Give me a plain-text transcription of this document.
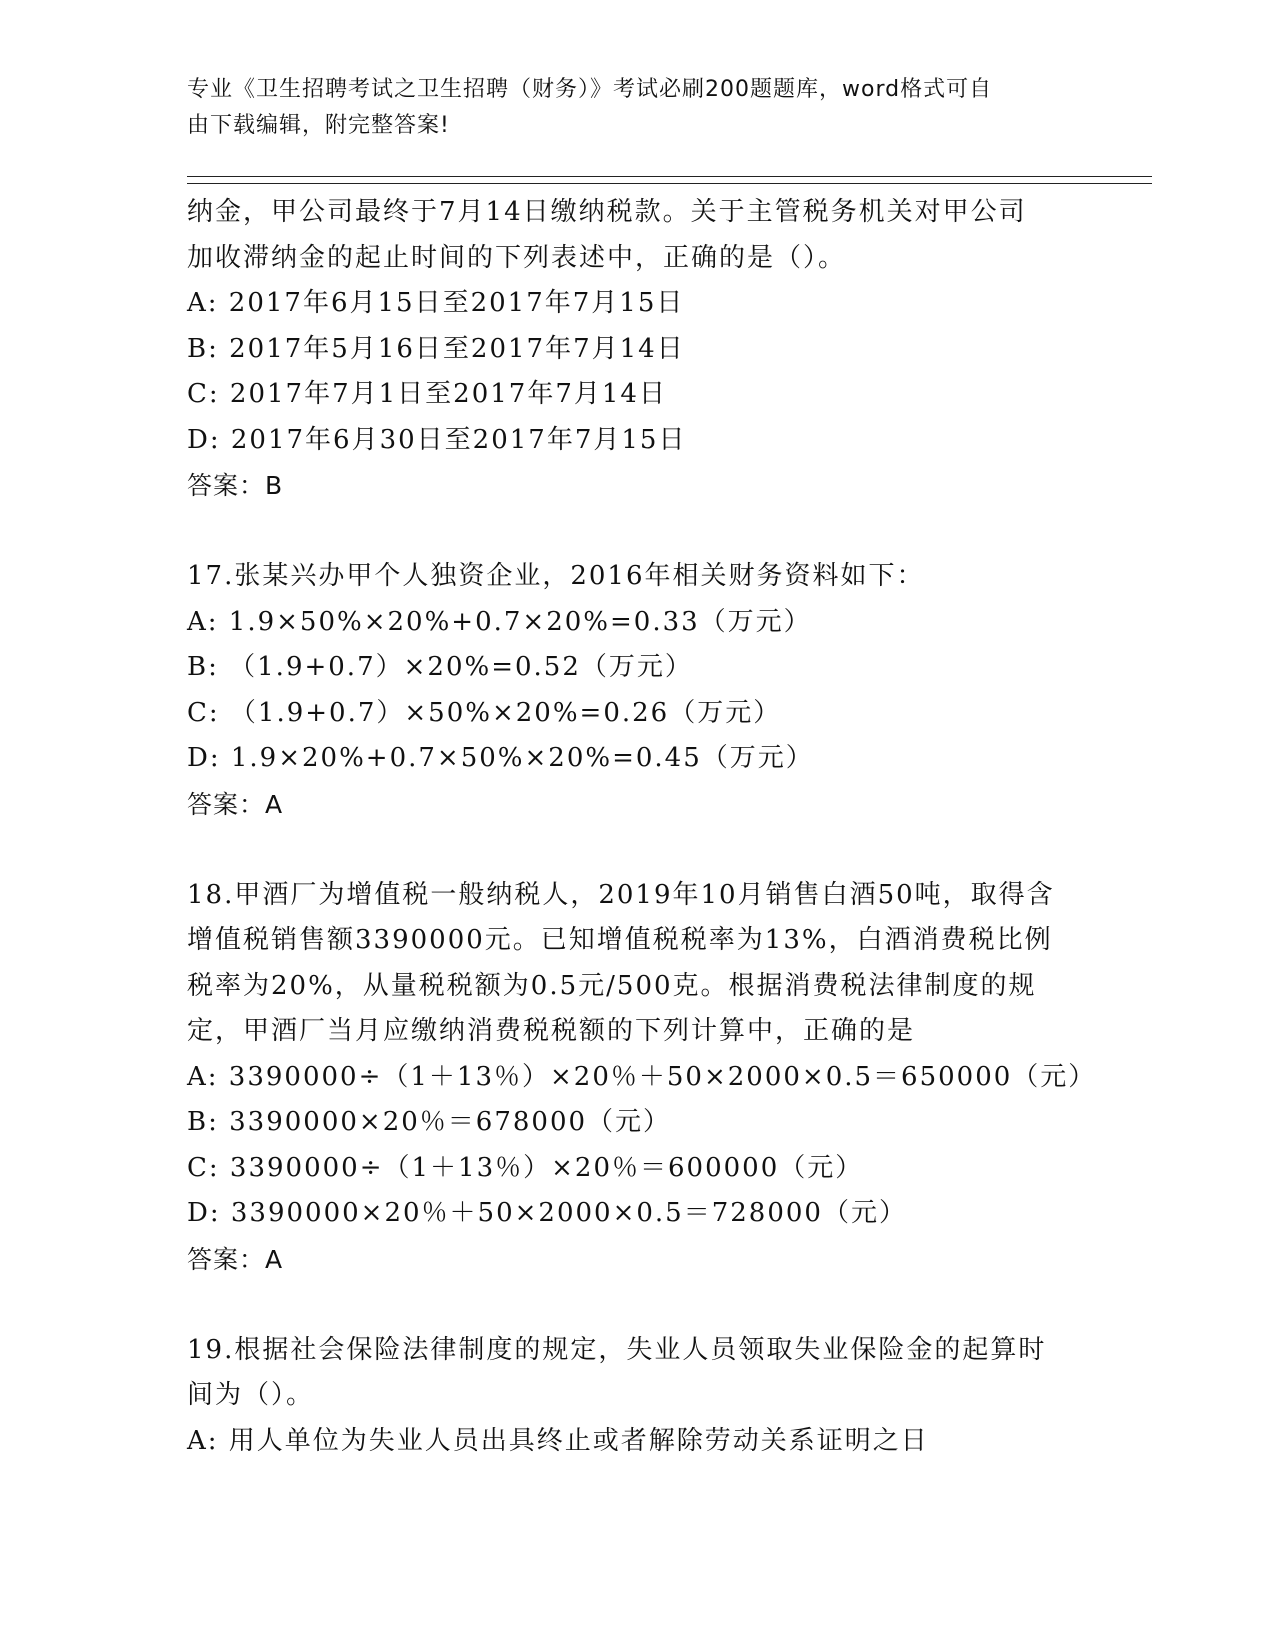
专业《卫生招聘考试之卫生招聘（财务）》考试必刷200题题库，word格式可自
由下载编辑，附完整答案!
纳金，甲公司最终于7月14日缴纳税款。关于主管税务机关对甲公司
加收滞纳金的起止时间的下列表述中，正确的是（）。
A: 2017年6月15日至2017年7月15日
B: 2017年5月16日至2017年7月14日
C: 2017年7月1日至2017年7月14日
D: 2017年6月30日至2017年7月15日
答案：B
17.张某兴办甲个人独资企业，2016年相关财务资料如下：
A: 1.9×50%×20%+0.7×20%=0.33（万元）
B: （1.9+0.7）×20%=0.52（万元）
C: （1.9+0.7）×50%×20%=0.26（万元）
D: 1.9×20%+0.7×50%×20%=0.45（万元）
答案：A
18.甲酒厂为增值税一般纳税人，2019年10月销售白酒50吨，取得含
增值税销售额3390000元。已知增值税税率为13%，白酒消费税比例
税率为20%，从量税税额为0.5元/500克。根据消费税法律制度的规
定，甲酒厂当月应缴纳消费税税额的下列计算中，正确的是
A: 3390000÷（1＋13％）×20％＋50×2000×0.5＝650000（元）
B: 3390000×20％＝678000（元）
C: 3390000÷（1＋13％）×20％＝600000（元）
D: 3390000×20％＋50×2000×0.5＝728000（元）
答案：A
19.根据社会保险法律制度的规定，失业人员领取失业保险金的起算时
间为（）。
A: 用人单位为失业人员出具终止或者解除劳动关系证明之日
